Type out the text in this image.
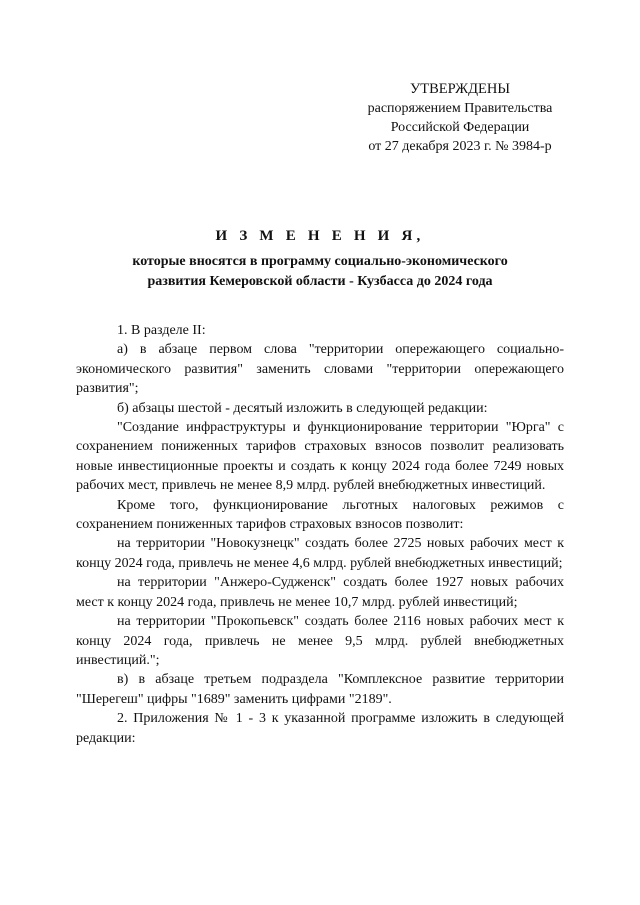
УТВЕРЖДЕНЫ
распоряжением Правительства
Российской Федерации
от 27 декабря 2023 г. № 3984-р
И З М Е Н Е Н И Я,
которые вносятся в программу социально-экономического
развития Кемеровской области - Кузбасса до 2024 года

1. В разделе II:

а) в абзаце первом слова "территории опережающего социально-экономического развития" заменить словами "территории опережающего развития";

б) абзацы шестой - десятый изложить в следующей редакции:

"Создание инфраструктуры и функционирование территории "Юрга" с сохранением пониженных тарифов страховых взносов позволит реализовать новые инвестиционные проекты и создать к концу 2024 года более 7249 новых рабочих мест, привлечь не менее 8,9 млрд. рублей внебюджетных инвестиций.

Кроме того, функционирование льготных налоговых режимов с сохранением пониженных тарифов страховых взносов позволит:

на территории "Новокузнецк" создать более 2725 новых рабочих мест к концу 2024 года, привлечь не менее 4,6 млрд. рублей внебюджетных инвестиций;

на территории "Анжеро-Судженск" создать более 1927 новых рабочих мест к концу 2024 года, привлечь не менее 10,7 млрд. рублей инвестиций;

на территории "Прокопьевск" создать более 2116 новых рабочих мест к концу 2024 года, привлечь не менее 9,5 млрд. рублей внебюджетных инвестиций.";

в) в абзаце третьем подраздела "Комплексное развитие территории "Шерегеш" цифры "1689" заменить цифрами "2189".

2. Приложения № 1 - 3 к указанной программе изложить в следующей редакции:
